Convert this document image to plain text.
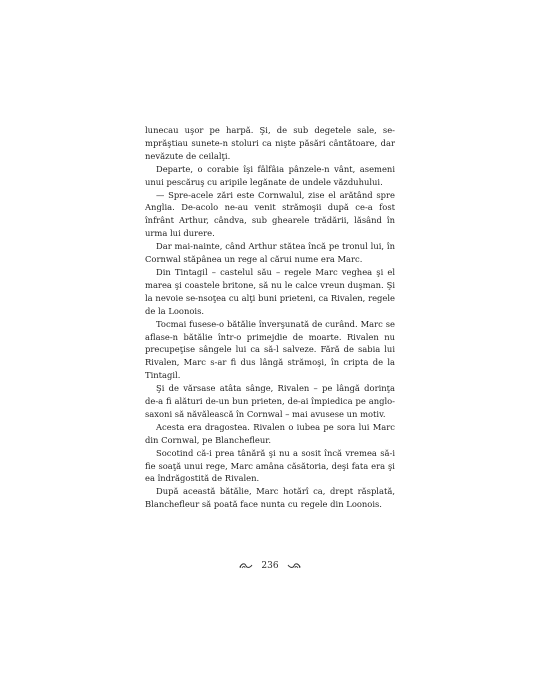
lunecau uşor pe harpă. Şi, de sub degetele sale, se-mprăştiau sunete-n stoluri ca nişte păsări cântătoare, dar nevăzute de ceilalţi.

Departe, o corabie îşi fâlfâia pânzele-n vânt, asemeni unui pescăruş cu aripile legănate de undele văzduhului.

— Spre-acele zări este Cornwalul, zise el arătând spre Anglia. De-acolo ne-au venit strămoşii după ce-a fost înfrânt Arthur, cândva, sub ghearele trădării, lăsând în urma lui durere.

Dar mai-nainte, când Arthur stătea încă pe tronul lui, în Cornwal stăpânea un rege al cărui nume era Marc.

Din Tintagil – castelul său – regele Marc veghea şi el marea şi coastele britone, să nu le calce vreun duşman. Şi la nevoie se-nsoţea cu alţi buni prieteni, ca Rivalen, regele de la Loonois.

Tocmai fusese-o bătălie înverşunată de curând. Marc se aflase-n bătălie într-o primejdie de moarte. Rivalen nu precupeţise sângele lui ca să-l salveze. Fără de sabia lui Rivalen, Marc s-ar fi dus lângă strămoşi, în cripta de la Tintagil.

Şi de vărsase atâta sânge, Rivalen – pe lângă dorinţa de-a fi alături de-un bun prieten, de-ai împiedica pe anglo-saxoni să năvălească în Cornwal – mai avusese un motiv.

Acesta era dragostea. Rivalen o iubea pe sora lui Marc din Cornwal, pe Blanchefleur.

Socotind că-i prea tânără şi nu a sosit încă vremea să-i fie soaţă unui rege, Marc amâna căsătoria, deşi fata era şi ea îndrăgostită de Rivalen.

După această bătălie, Marc hotărî ca, drept răsplată, Blanchefleur să poată face nunta cu regele din Loonois.

236
